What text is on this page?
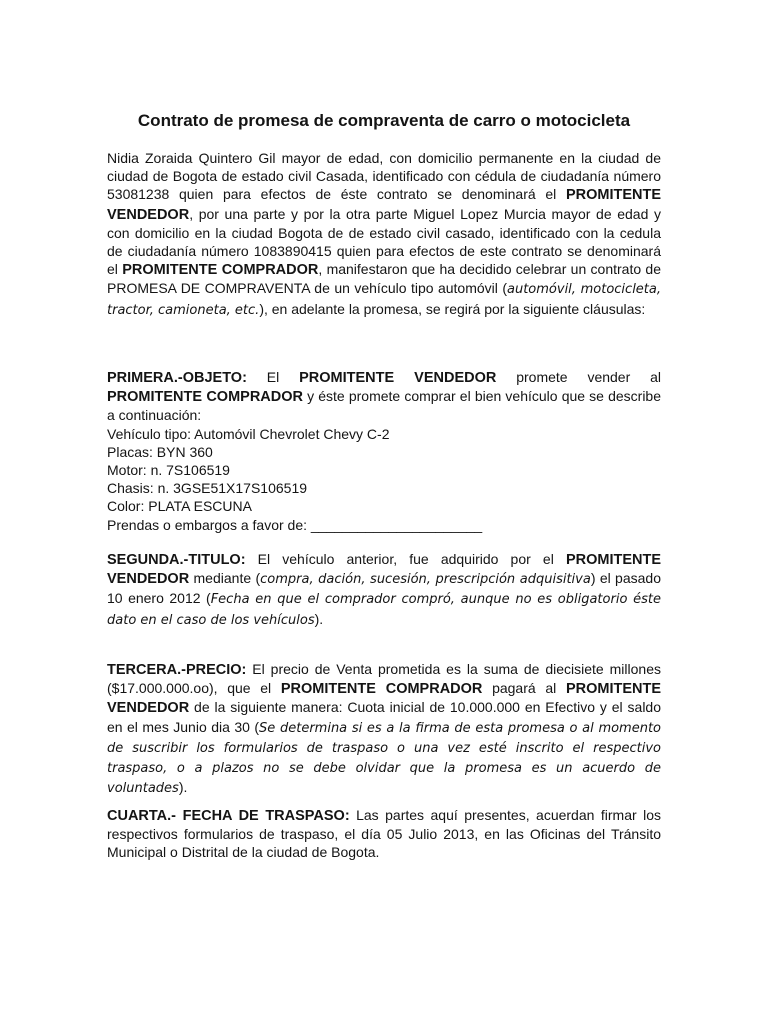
Contrato de promesa de compraventa de carro o motocicleta
Nidia Zoraida Quintero Gil mayor de edad, con domicilio permanente en la ciudad de ciudad de Bogota de estado civil Casada, identificado con cédula de ciudadanía número 53081238 quien para efectos de éste contrato se denominará el PROMITENTE VENDEDOR, por una parte y por la otra parte Miguel Lopez Murcia mayor de edad y con domicilio en la ciudad Bogota de de estado civil casado, identificado con la cedula de ciudadanía número 1083890415 quien para efectos de este contrato se denominará el PROMITENTE COMPRADOR, manifestaron que ha decidido celebrar un contrato de PROMESA DE COMPRAVENTA de un vehículo tipo automóvil (automóvil, motocicleta, tractor, camioneta, etc.), en adelante la promesa, se regirá por la siguiente cláusulas:
PRIMERA.-OBJETO: El PROMITENTE VENDEDOR promete vender al PROMITENTE COMPRADOR y éste promete comprar el bien vehículo que se describe a continuación:
Vehículo tipo: Automóvil Chevrolet Chevy C-2
Placas: BYN 360
Motor: n. 7S106519
Chasis: n. 3GSE51X17S106519
Color: PLATA ESCUNA
Prendas o embargos a favor de: ______________________
SEGUNDA.-TITULO: El vehículo anterior, fue adquirido por el PROMITENTE VENDEDOR mediante (compra, dación, sucesión, prescripción adquisitiva) el pasado 10 enero 2012 (Fecha en que el comprador compró, aunque no es obligatorio éste dato en el caso de los vehículos).
TERCERA.-PRECIO: El precio de Venta prometida es la suma de diecisiete millones ($17.000.000.oo), que el PROMITENTE COMPRADOR pagará al PROMITENTE VENDEDOR de la siguiente manera: Cuota inicial de 10.000.000 en Efectivo y el saldo en el mes Junio dia 30 (Se determina si es a la firma de esta promesa o al momento de suscribir los formularios de traspaso o una vez esté inscrito el respectivo traspaso, o a plazos no se debe olvidar que la promesa es un acuerdo de voluntades).
CUARTA.- FECHA DE TRASPASO: Las partes aquí presentes, acuerdan firmar los respectivos formularios de traspaso, el día 05 Julio 2013, en las Oficinas del Tránsito Municipal o Distrital de la ciudad de Bogota.
